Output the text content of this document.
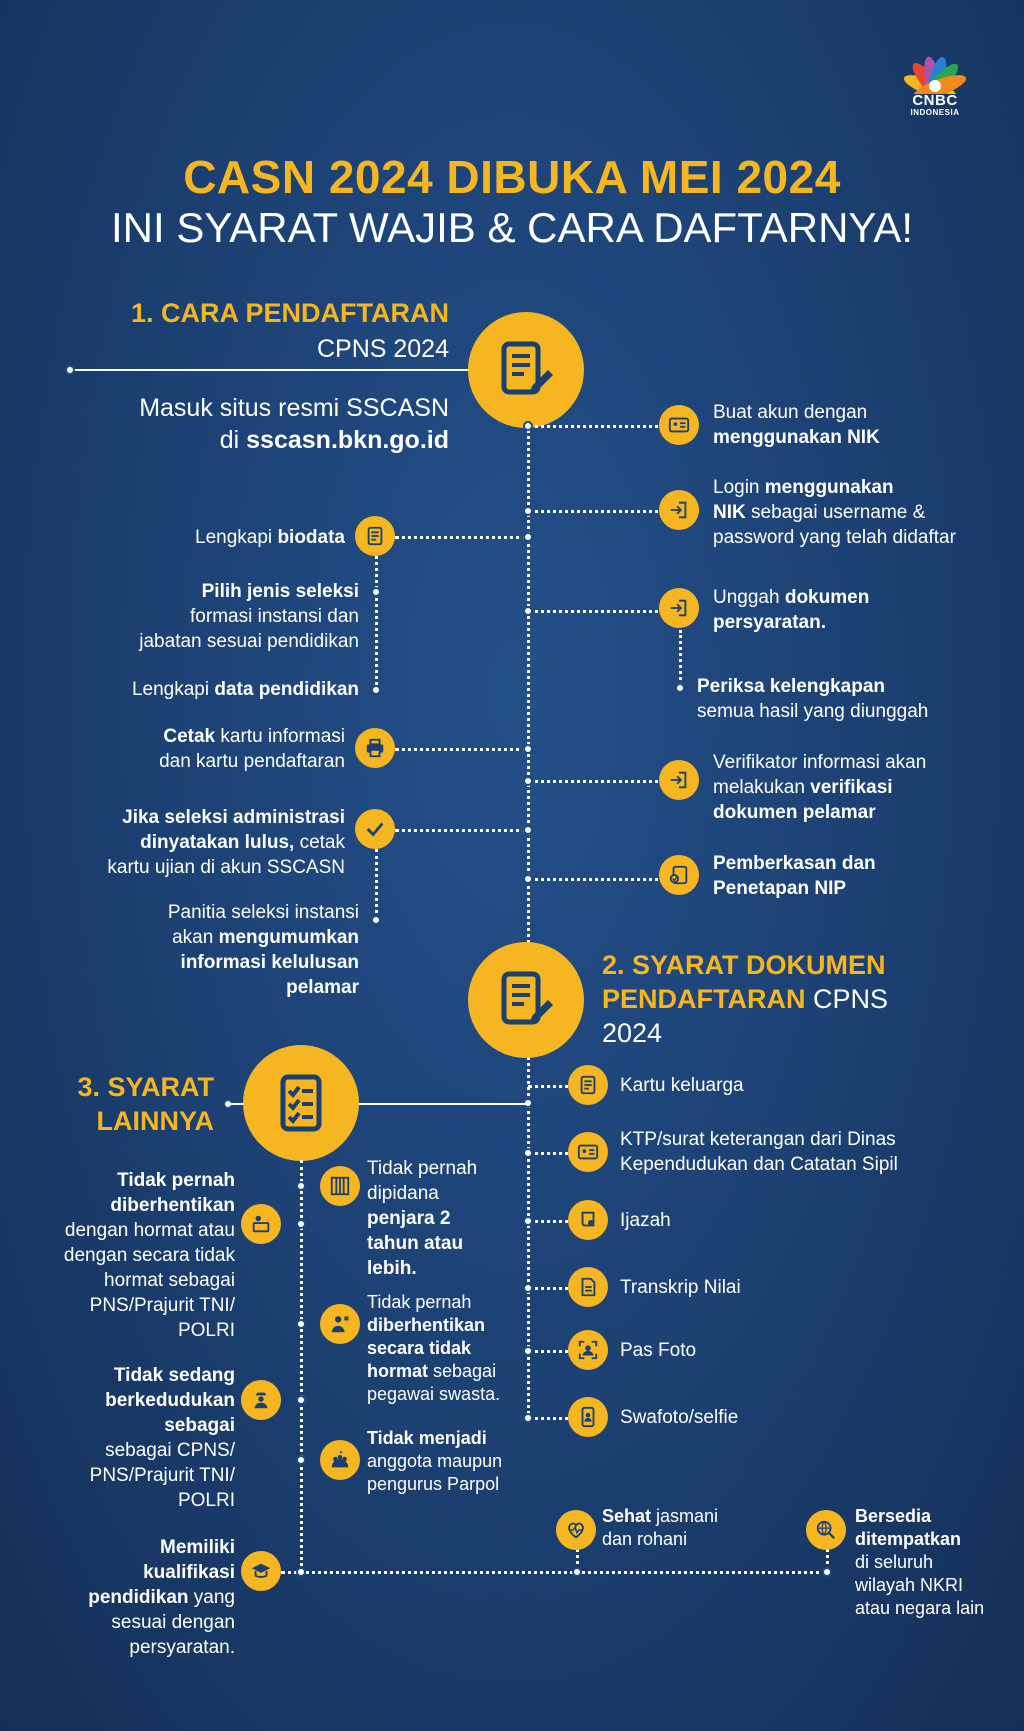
CNBC
INDONESIA
CASN 2024 DIBUKA MEI 2024
INI SYARAT WAJIB & CARA DAFTARNYA!
1. CARA PENDAFTARAN
CPNS 2024
Masuk situs resmi SSCASN
di sscasn.bkn.go.id
Buat akun dengan
menggunakan NIK
Login menggunakan
NIK sebagai username &
password yang telah didaftar
Unggah dokumen
persyaratan.
Periksa kelengkapan
semua hasil yang diunggah
Verifikator informasi akan
melakukan verifikasi
dokumen pelamar
Pemberkasan dan
Penetapan NIP
Lengkapi biodata
Pilih jenis seleksi
formasi instansi dan
jabatan sesuai pendidikan
Lengkapi data pendidikan
Cetak kartu informasi
dan kartu pendaftaran
Jika seleksi administrasi
dinyatakan lulus, cetak
kartu ujian di akun SSCASN
Panitia seleksi instansi
akan mengumumkan
informasi kelulusan
pelamar
2. SYARAT DOKUMEN
PENDAFTARAN CPNS
2024
Kartu keluarga
KTP/surat keterangan dari Dinas
Kependudukan dan Catatan Sipil
Ijazah
Transkrip Nilai
Pas Foto
Swafoto/selfie
3. SYARAT
LAINNYA
Tidak pernah
diberhentikan
dengan hormat atau
dengan secara tidak
hormat sebagai
PNS/Prajurit TNI/
POLRI
Tidak sedang
berkedudukan
sebagai
sebagai CPNS/
PNS/Prajurit TNI/
POLRI
Memiliki
kualifikasi
pendidikan yang
sesuai dengan
persyaratan.
Tidak pernah
dipidana
penjara 2
tahun atau
lebih.
Tidak pernah
diberhentikan
secara tidak
hormat sebagai
pegawai swasta.
Tidak menjadi
anggota maupun
pengurus Parpol
Sehat jasmani
dan rohani
Bersedia
ditempatkan
di seluruh
wilayah NKRI
atau negara lain
